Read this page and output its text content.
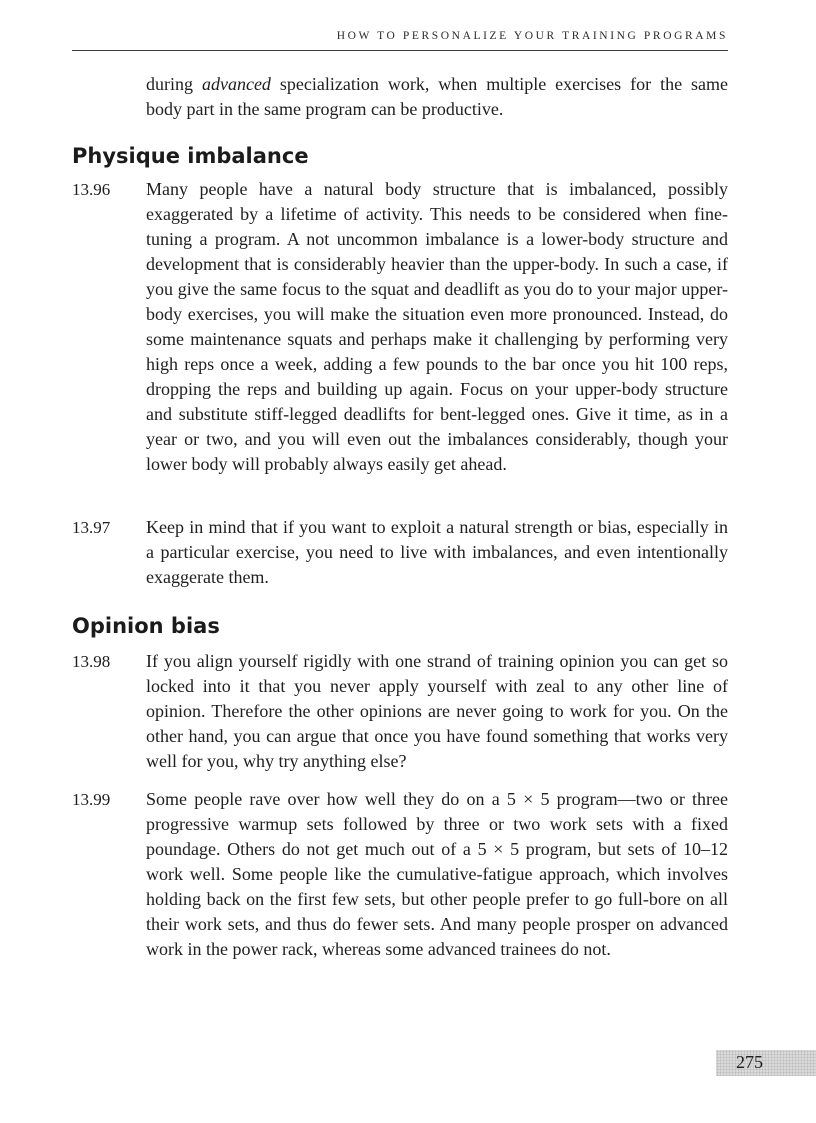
HOW TO PERSONALIZE YOUR TRAINING PROGRAMS

during advanced specialization work, when multiple exercises for the same body part in the same program can be productive.

Physique imbalance
13.96	Many people have a natural body structure that is imbalanced, possibly exaggerated by a lifetime of activity. This needs to be considered when fine-tuning a program. A not uncommon imbalance is a lower-body structure and development that is considerably heavier than the upper-body. In such a case, if you give the same focus to the squat and deadlift as you do to your major upper-body exercises, you will make the situation even more pronounced. Instead, do some maintenance squats and perhaps make it challenging by performing very high reps once a week, adding a few pounds to the bar once you hit 100 reps, dropping the reps and building up again. Focus on your upper-body structure and substitute stiff-legged deadlifts for bent-legged ones. Give it time, as in a year or two, and you will even out the imbalances considerably, though your lower body will probably always easily get ahead.

13.97	Keep in mind that if you want to exploit a natural strength or bias, especially in a particular exercise, you need to live with imbalances, and even intentionally exaggerate them.

Opinion bias
13.98	If you align yourself rigidly with one strand of training opinion you can get so locked into it that you never apply yourself with zeal to any other line of opinion. Therefore the other opinions are never going to work for you. On the other hand, you can argue that once you have found something that works very well for you, why try anything else?

13.99	Some people rave over how well they do on a 5 × 5 program—two or three progressive warmup sets followed by three or two work sets with a fixed poundage. Others do not get much out of a 5 × 5 program, but sets of 10–12 work well. Some people like the cumulative-fatigue approach, which involves holding back on the first few sets, but other people prefer to go full-bore on all their work sets, and thus do fewer sets. And many people prosper on advanced work in the power rack, whereas some advanced trainees do not.

275
